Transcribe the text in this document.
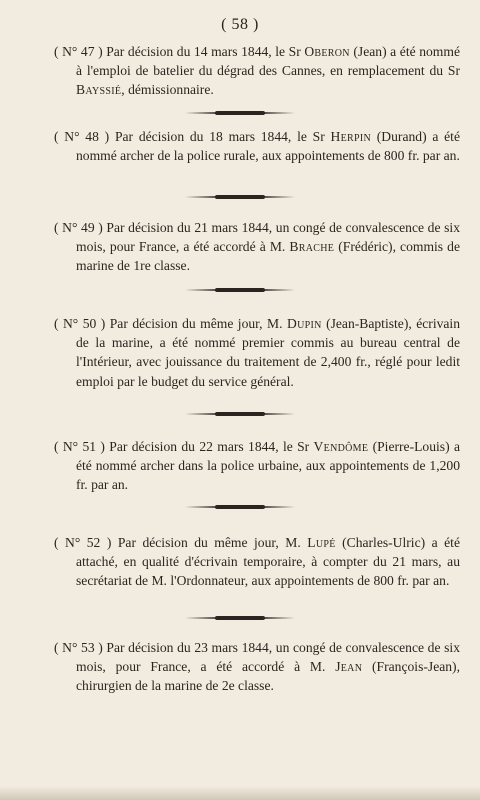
( 58 )

( N° 47 ) Par décision du 14 mars 1844, le Sr Oberon (Jean) a été nommé à l'emploi de batelier du dégrad des Cannes, en remplacement du Sr Bayssié, démissionnaire.

( N° 48 ) Par décision du 18 mars 1844, le Sr Herpin (Durand) a été nommé archer de la police rurale, aux appointements de 800 fr. par an.

( N° 49 ) Par décision du 21 mars 1844, un congé de convalescence de six mois, pour France, a été accordé à M. Brache (Frédéric), commis de marine de 1re classe.

( N° 50 ) Par décision du même jour, M. Dupin (Jean-Baptiste), écrivain de la marine, a été nommé premier commis au bureau central de l'Intérieur, avec jouissance du traitement de 2,400 fr., réglé pour ledit emploi par le budget du service général.

( N° 51 ) Par décision du 22 mars 1844, le Sr Vendôme (Pierre-Louis) a été nommé archer dans la police urbaine, aux appointements de 1,200 fr. par an.

( N° 52 ) Par décision du même jour, M. Lupé (Charles-Ulric) a été attaché, en qualité d'écrivain temporaire, à compter du 21 mars, au secrétariat de M. l'Ordonnateur, aux appointements de 800 fr. par an.

( N° 53 ) Par décision du 23 mars 1844, un congé de convalescence de six mois, pour France, a été accordé à M. Jean (François-Jean), chirurgien de la marine de 2e classe.
